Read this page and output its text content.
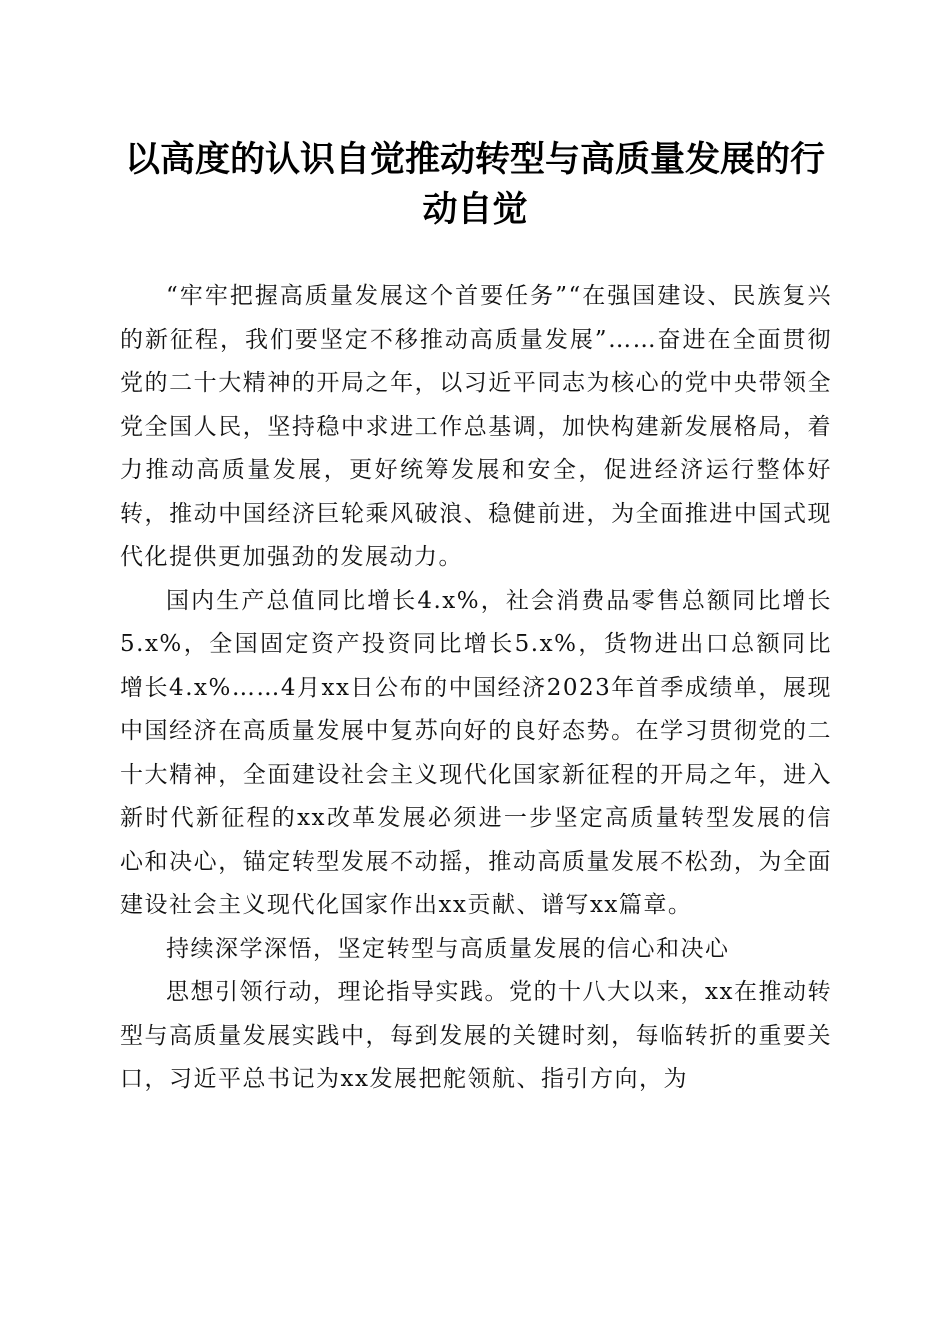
以高度的认识自觉推动转型与高质量发展的行动自觉

“牢牢把握高质量发展这个首要任务”“在强国建设、民族复兴的新征程，我们要坚定不移推动高质量发展”……奋进在全面贯彻党的二十大精神的开局之年，以习近平同志为核心的党中央带领全党全国人民，坚持稳中求进工作总基调，加快构建新发展格局，着力推动高质量发展，更好统筹发展和安全，促进经济运行整体好转，推动中国经济巨轮乘风破浪、稳健前进，为全面推进中国式现代化提供更加强劲的发展动力。

国内生产总值同比增长4.x%，社会消费品零售总额同比增长5.x%，全国固定资产投资同比增长5.x%，货物进出口总额同比增长4.x%……4月xx日公布的中国经济2023年首季成绩单，展现中国经济在高质量发展中复苏向好的良好态势。在学习贯彻党的二十大精神，全面建设社会主义现代化国家新征程的开局之年，进入新时代新征程的xx改革发展必须进一步坚定高质量转型发展的信心和决心，锚定转型发展不动摇，推动高质量发展不松劲，为全面建设社会主义现代化国家作出xx贡献、谱写xx篇章。

持续深学深悟，坚定转型与高质量发展的信心和决心

思想引领行动，理论指导实践。党的十八大以来，xx在推动转型与高质量发展实践中，每到发展的关键时刻，每临转折的重要关口，习近平总书记为xx发展把舵领航、指引方向，为
